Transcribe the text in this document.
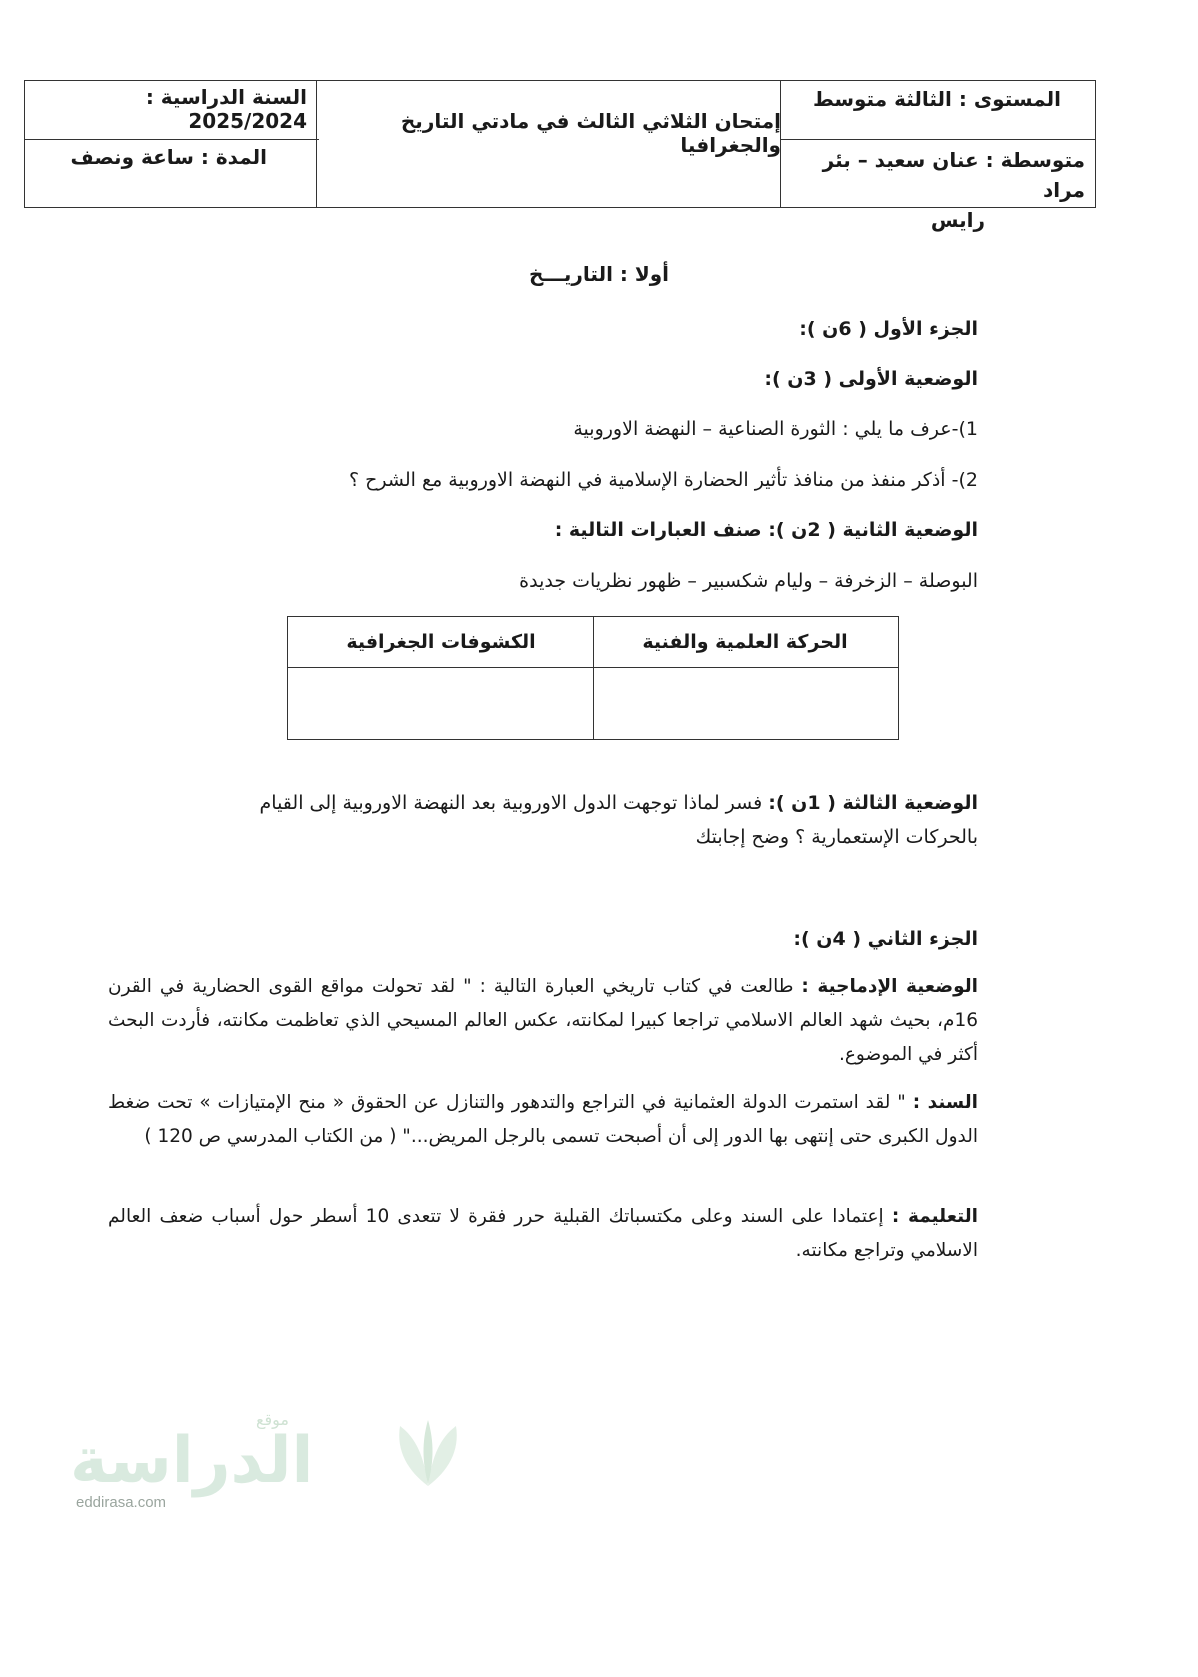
المستوى : الثالثة متوسط
متوسطة : عنان سعيد – بئر مراد
رايس
إمتحان الثلاثي الثالث في مادتي التاريخ والجغرافيا
السنة الدراسية : 2025/2024
المدة : ساعة ونصف
أولا : التاريـــخ
الجزء الأول ( 6ن ):
الوضعية الأولى ( 3ن ):
1)-عرف ما يلي : الثورة الصناعية – النهضة الاوروبية
2)- أذكر منفذ من منافذ تأثير الحضارة الإسلامية في النهضة الاوروبية مع الشرح ؟
الوضعية الثانية ( 2ن ): صنف العبارات التالية :
البوصلة – الزخرفة – وليام شكسبير – ظهور نظريات جديدة
الحركة العلمية والفنية
الكشوفات الجغرافية
الوضعية الثالثة ( 1ن ): فسر لماذا توجهت الدول الاوروبية بعد النهضة الاوروبية إلى القيام
بالحركات الإستعمارية ؟ وضح إجابتك
الجزء الثاني ( 4ن ):
الوضعية الإدماجية : طالعت في كتاب تاريخي العبارة التالية : " لقد تحولت مواقع القوى الحضارية في القرن 16م، بحيث شهد العالم الاسلامي تراجعا كبيرا لمكانته، عكس العالم المسيحي الذي تعاظمت مكانته، فأردت البحث أكثر في الموضوع.
السند : " لقد استمرت الدولة العثمانية في التراجع والتدهور والتنازل عن الحقوق « منح الإمتيازات » تحت ضغط الدول الكبرى حتى إنتهى بها الدور إلى أن أصبحت تسمى بالرجل المريض..." ( من الكتاب المدرسي ص 120 )
التعليمة : إعتمادا على السند وعلى مكتسباتك القبلية حرر فقرة لا تتعدى 10 أسطر حول أسباب ضعف العالم الاسلامي وتراجع مكانته.
موقع
الدراسة
eddirasa.com
